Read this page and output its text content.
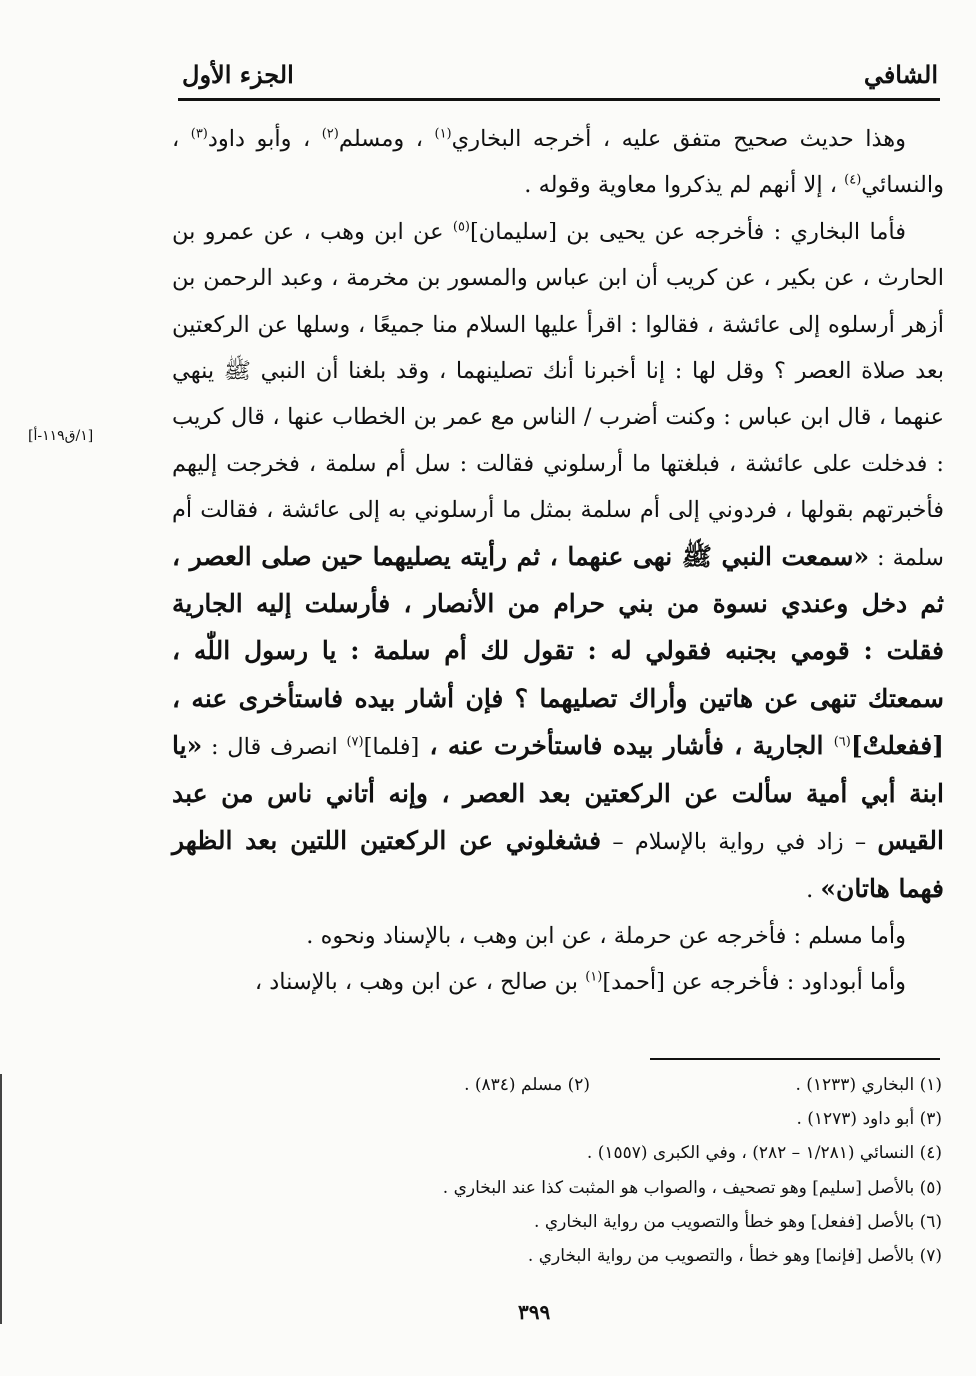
الشافي
الجزء الأول
[١/ق١١٩-أ]

وهذا حديث صحيح متفق عليه ، أخرجه البخاري$^{(١)}$ ، ومسلم$^{(٢)}$ ، وأبو داود$^{(٣)}$ ، والنسائي$^{(٤)}$ ، إلا أنهم لم يذكروا معاوية وقوله .

فأما البخاري : فأخرجه عن يحيى بن [سليمان]$^{(٥)}$ عن ابن وهب ، عن عمرو بن الحارث ، عن بكير ، عن كريب أن ابن عباس والمسور بن مخرمة ، وعبد الرحمن بن أزهر أرسلوه إلى عائشة ، فقالوا : اقرأ عليها السلام منا جميعًا ، وسلها عن الركعتين بعد صلاة العصر ؟ وقل لها : إنا أخبرنا أنك تصلينهما ، وقد بلغنا أن النبي ﷺ ينهي عنهما ، قال ابن عباس : وكنت أضرب / الناس مع عمر بن الخطاب عنها ، قال كريب : فدخلت على عائشة ، فبلغتها ما أرسلوني فقالت : سل أم سلمة ، فخرجت إليهم فأخبرتهم بقولها ، فردوني إلى أم سلمة بمثل ما أرسلوني به إلى عائشة ، فقالت أم سلمة : «سمعت النبي ﷺ نهى عنهما ، ثم رأيته يصليهما حين صلى العصر ، ثم دخل وعندي نسوة من بني حرام من الأنصار ، فأرسلت إليه الجارية فقلت : قومي بجنبه فقولي له : تقول لك أم سلمة : يا رسول اللّٰه ، سمعتك تنهى عن هاتين وأراك تصليهما ؟ فإن أشار بيده فاستأخرى عنه ، [ففعلتْ]$^{(٦)}$ الجارية ، فأشار بيده فاستأخرت عنه ، [فلما]$^{(٧)}$ انصرف قال : «يا ابنة أبي أمية سألت عن الركعتين بعد العصر ، وإنه أتاني ناس من عبد القيس – زاد في رواية بالإسلام – فشغلوني عن الركعتين اللتين بعد الظهر فهما هاتان» .

وأما مسلم : فأخرجه عن حرملة ، عن ابن وهب ، بالإسناد ونحوه .

وأما أبوداود : فأخرجه عن [أحمد]$^{(١)}$ بن صالح ، عن ابن وهب ، بالإسناد ،

(١) البخاري (١٢٣٣) .
(٢) مسلم (٨٣٤) .
(٣) أبو داود (١٢٧٣) .
(٤) النسائي (١/٢٨١ – ٢٨٢) ، وفي الكبرى (١٥٥٧) .
(٥) بالأصل [سليم] وهو تصحيف ، والصواب هو المثبت كذا عند البخاري .
(٦) بالأصل [ففعل] وهو خطأ والتصويب من رواية البخاري .
(٧) بالأصل [فإنما] وهو خطأ ، والتصويب من رواية البخاري .
٣٩٩
